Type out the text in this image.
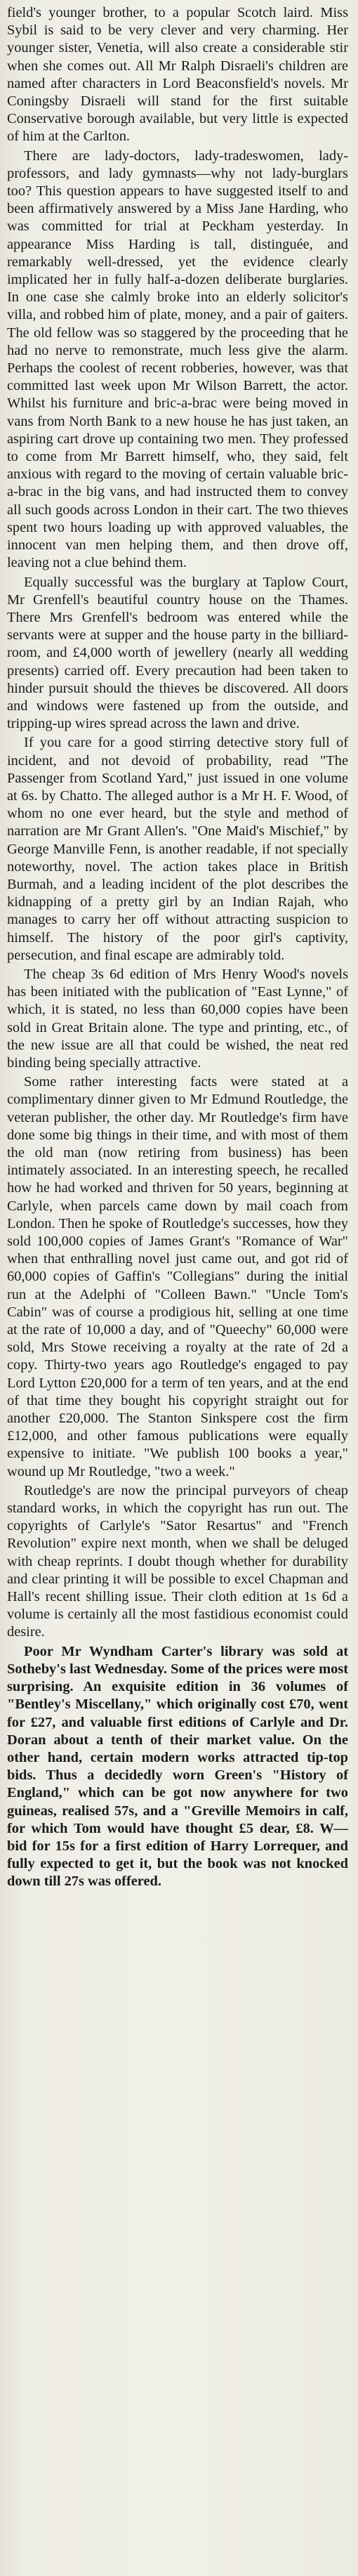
field's younger brother, to a popular Scotch laird. Miss Sybil is said to be very clever and very charming. Her younger sister, Venetia, will also create a considerable stir when she comes out. All Mr Ralph Disraeli's children are named after characters in Lord Beaconsfield's novels. Mr Coningsby Disraeli will stand for the first suitable Conservative borough available, but very little is expected of him at the Carlton.

There are lady-doctors, lady-tradeswomen, lady-professors, and lady gymnasts—why not lady-burglars too? This question appears to have suggested itself to and been affirmatively answered by a Miss Jane Harding, who was committed for trial at Peckham yesterday. In appearance Miss Harding is tall, distinguée, and remarkably well-dressed, yet the evidence clearly implicated her in fully half-a-dozen deliberate burglaries. In one case she calmly broke into an elderly solicitor's villa, and robbed him of plate, money, and a pair of gaiters. The old fellow was so staggered by the proceeding that he had no nerve to remonstrate, much less give the alarm. Perhaps the coolest of recent robberies, however, was that committed last week upon Mr Wilson Barrett, the actor. Whilst his furniture and bric-a-brac were being moved in vans from North Bank to a new house he has just taken, an aspiring cart drove up containing two men. They professed to come from Mr Barrett himself, who, they said, felt anxious with regard to the moving of certain valuable bric-a-brac in the big vans, and had instructed them to convey all such goods across London in their cart. The two thieves spent two hours loading up with approved valuables, the innocent van men helping them, and then drove off, leaving not a clue behind them.

Equally successful was the burglary at Taplow Court, Mr Grenfell's beautiful country house on the Thames. There Mrs Grenfell's bedroom was entered while the servants were at supper and the house party in the billiard-room, and £4,000 worth of jewellery (nearly all wedding presents) carried off. Every precaution had been taken to hinder pursuit should the thieves be discovered. All doors and windows were fastened up from the outside, and tripping-up wires spread across the lawn and drive.

If you care for a good stirring detective story full of incident, and not devoid of probability, read "The Passenger from Scotland Yard," just issued in one volume at 6s. by Chatto. The alleged author is a Mr H. F. Wood, of whom no one ever heard, but the style and method of narration are Mr Grant Allen's. "One Maid's Mischief," by George Manville Fenn, is another readable, if not specially noteworthy, novel. The action takes place in British Burmah, and a leading incident of the plot describes the kidnapping of a pretty girl by an Indian Rajah, who manages to carry her off without attracting suspicion to himself. The history of the poor girl's captivity, persecution, and final escape are admirably told.

The cheap 3s 6d edition of Mrs Henry Wood's novels has been initiated with the publication of "East Lynne," of which, it is stated, no less than 60,000 copies have been sold in Great Britain alone. The type and printing, etc., of the new issue are all that could be wished, the neat red binding being specially attractive.

Some rather interesting facts were stated at a complimentary dinner given to Mr Edmund Routledge, the veteran publisher, the other day. Mr Routledge's firm have done some big things in their time, and with most of them the old man (now retiring from business) has been intimately associated. In an interesting speech, he recalled how he had worked and thriven for 50 years, beginning at Carlyle, when parcels came down by mail coach from London. Then he spoke of Routledge's successes, how they sold 100,000 copies of James Grant's "Romance of War" when that enthralling novel just came out, and got rid of 60,000 copies of Gaffin's "Collegians" during the initial run at the Adelphi of "Colleen Bawn." "Uncle Tom's Cabin" was of course a prodigious hit, selling at one time at the rate of 10,000 a day, and of "Queechy" 60,000 were sold, Mrs Stowe receiving a royalty at the rate of 2d a copy. Thirty-two years ago Routledge's engaged to pay Lord Lytton £20,000 for a term of ten years, and at the end of that time they bought his copyright straight out for another £20,000. The Stanton Sinkspere cost the firm £12,000, and other famous publications were equally expensive to initiate. "We publish 100 books a year," wound up Mr Routledge, "two a week."

Routledge's are now the principal purveyors of cheap standard works, in which the copyright has run out. The copyrights of Carlyle's "Sator Resartus" and "French Revolution" expire next month, when we shall be deluged with cheap reprints. I doubt though whether for durability and clear printing it will be possible to excel Chapman and Hall's recent shilling issue. Their cloth edition at 1s 6d a volume is certainly all the most fastidious economist could desire.

Poor Mr Wyndham Carter's library was sold at Sotheby's last Wednesday. Some of the prices were most surprising. An exquisite edition in 36 volumes of "Bentley's Miscellany," which originally cost £70, went for £27, and valuable first editions of Carlyle and Dr. Doran about a tenth of their market value. On the other hand, certain modern works attracted tip-top bids. Thus a decidedly worn Green's "History of England," which can be got now anywhere for two guineas, realised 57s, and a "Greville Memoirs in calf, for which Tom would have thought £5 dear, £8. W— bid for 15s for a first edition of Harry Lorrequer, and fully expected to get it, but the book was not knocked down till 27s was offered.
